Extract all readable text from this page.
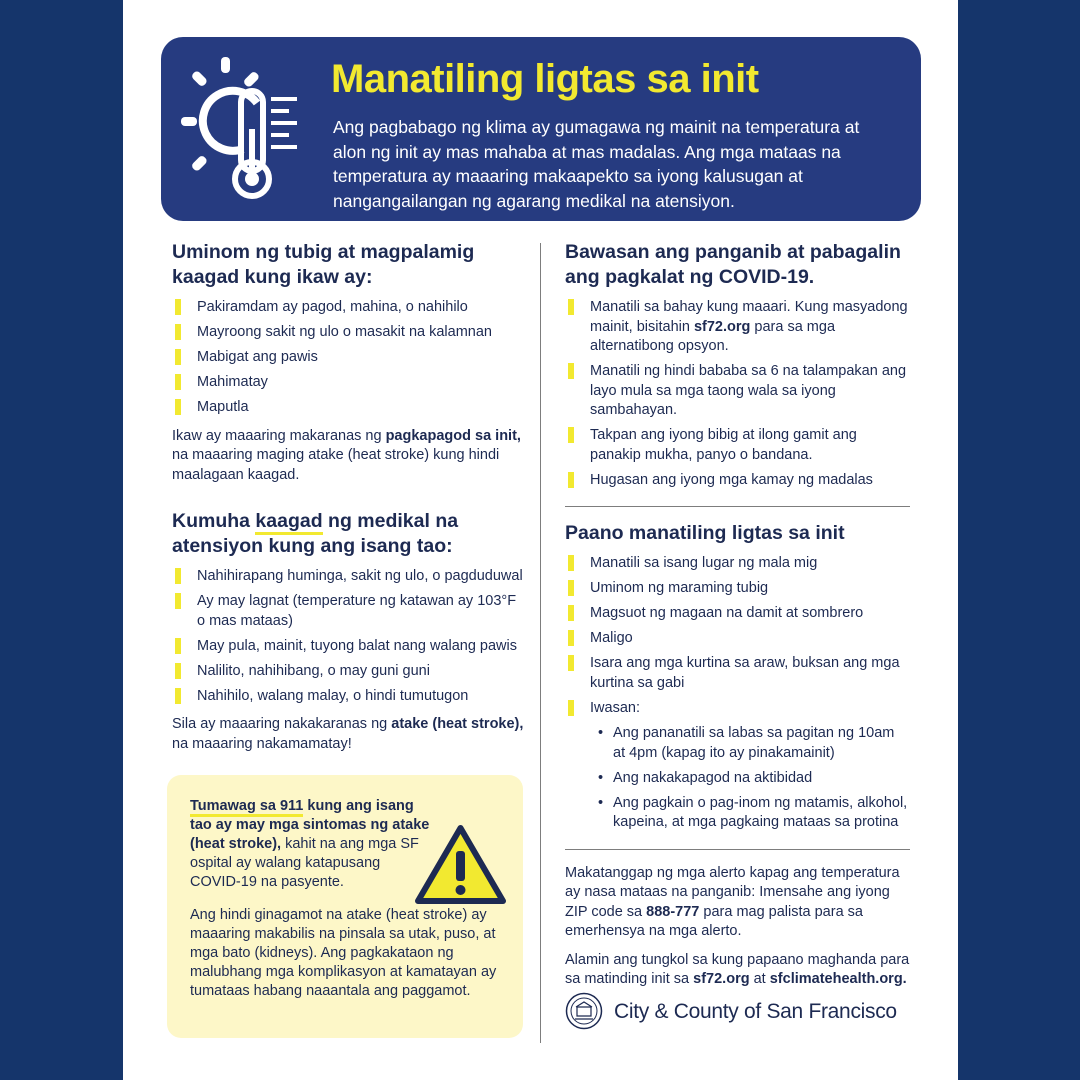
Manatiling ligtas sa init
Ang pagbabago ng klima ay gumagawa ng mainit na temperatura at alon ng init ay mas mahaba at mas madalas. Ang mga mataas na temperatura ay maaaring makaapekto sa iyong kalusugan at nangangailangan ng agarang medikal na atensiyon.
Uminom ng tubig at magpalamig kaagad kung ikaw ay:
Pakiramdam ay pagod, mahina, o nahihilo
Mayroong sakit ng ulo o masakit na kalamnan
Mabigat ang pawis
Mahimatay
Maputla

Ikaw ay maaaring makaranas ng pagkapagod sa init, na maaaring maging atake (heat stroke) kung hindi maalagaan kaagad.

Kumuha kaagad ng medikal na atensiyon kung ang isang tao:
Nahihirapang huminga, sakit ng ulo, o pagduduwal
Ay may lagnat (temperature ng katawan ay 103°F o mas mataas)
May pula, mainit, tuyong balat nang walang pawis
Nalilito, nahihibang, o may guni guni
Nahihilo, walang malay, o hindi tumutugon

Sila ay maaaring nakakaranas ng atake (heat stroke), na maaaring nakamamatay!

Tumawag sa 911 kung ang isang tao ay may mga sintomas ng atake (heat stroke), kahit na ang mga SF ospital ay walang katapusang COVID-19 na pasyente.
Ang hindi ginagamot na atake (heat stroke) ay maaaring makabilis na pinsala sa utak, puso, at mga bato (kidneys). Ang pagkakataon ng malubhang mga komplikasyon at kamatayan ay tumataas habang naaantala ang paggamot.
Bawasan ang panganib at pabagalin ang pagkalat ng COVID-19.
Manatili sa bahay kung maaari. Kung masyadong mainit, bisitahin sf72.org para sa mga alternatibong opsyon.
Manatili ng hindi bababa sa 6 na talampakan ang layo mula sa mga taong wala sa iyong sambahayan.
Takpan ang iyong bibig at ilong gamit ang panakip mukha, panyo o bandana.
Hugasan ang iyong mga kamay ng madalas
Paano manatiling ligtas sa init
Manatili sa isang lugar ng mala mig
Uminom ng maraming tubig
Magsuot ng magaan na damit at sombrero
Maligo
Isara ang mga kurtina sa araw, buksan ang mga kurtina sa gabi
Iwasan:
• Ang pananatili sa labas sa pagitan ng 10am at 4pm (kapag ito ay pinakamainit)
• Ang nakakapagod na aktibidad
• Ang pagkain o pag-inom ng matamis, alkohol, kapeina, at mga pagkaing mataas sa protina

Makatanggap ng mga alerto kapag ang temperatura ay nasa mataas na panganib: Imensahe ang iyong ZIP code sa 888-777 para mag palista para sa emerhensya na mga alerto.

Alamin ang tungkol sa kung papaano maghanda para sa matinding init sa sf72.org at sfclimatehealth.org.

City & County of San Francisco
